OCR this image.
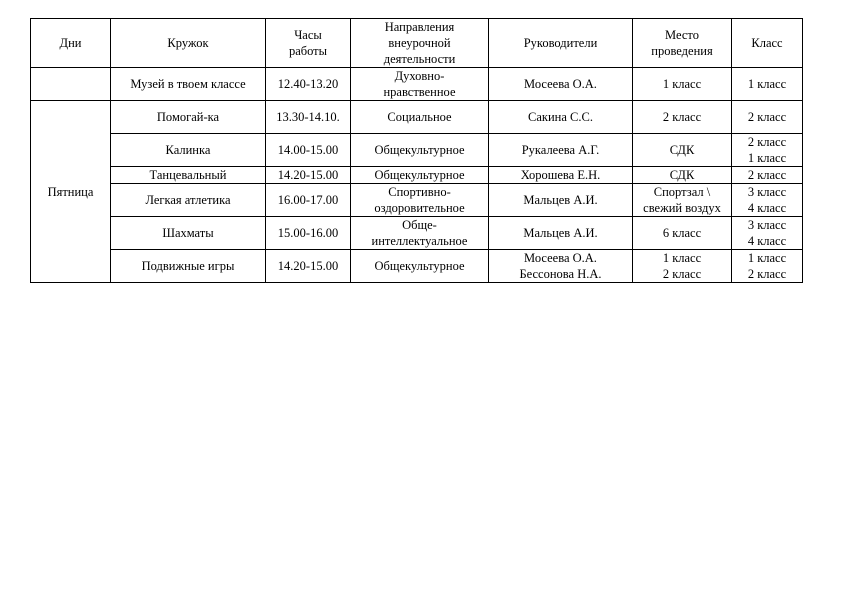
Дни	Кружок	Часы
работы	Направления
внеурочной
деятельности	Руководители	Место
проведения	Класс
	Музей в твоем классе	12.40-13.20	Духовно-
нравственное	Мосеева О.А.	1 класс	1 класс
Пятница	Помогай-ка	13.30-14.10.	Социальное	Сакина С.С.	2 класс	2 класс
	Калинка	14.00-15.00	Общекультурное	Рукалеева А.Г.	СДК	2 класс
1 класс

	Танцевальный	14.20-15.00	Общекультурное	Хорошева Е.Н.	СДК	2 класс
	Легкая атлетика	16.00-17.00	Спортивно-
оздоровительное	Мальцев А.И.	Спортзал \
свежий воздух	3 класс
4 класс

	Шахматы	15.00-16.00	Обще-
интеллектуальное	Мальцев А.И.	6 класс	3 класс
4 класс

	Подвижные игры	14.20-15.00	Общекультурное	Мосеева О.А.
Бессонова Н.А.	1 класс
2 класс	1 класс
2 класс
